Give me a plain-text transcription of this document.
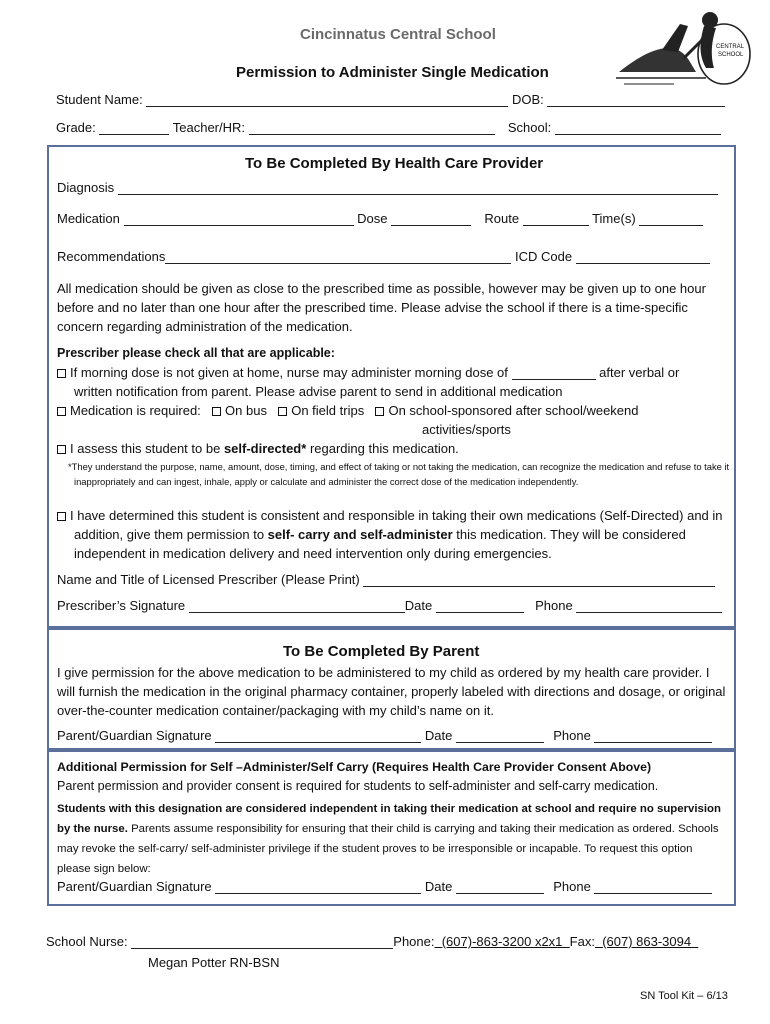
Cincinnatus Central School
Permission to Administer Single Medication
CENTRAL
SCHOOL
Student Name:	DOB:
Grade:	Teacher/HR:	School:
To Be Completed By Health Care Provider
Diagnosis
Medication	Dose	Route	Time(s)
Recommendations	ICD Code
All medication should be given as close to the prescribed time as possible, however may be given up to one hour before and no later than one hour after the prescribed time. Please advise the school if there is a time-specific concern regarding administration of the medication.
Prescriber please check all that are applicable:
If morning dose is not given at home, nurse may administer morning dose of	after verbal or
written notification from parent. Please advise parent to send in additional medication
Medication is required: On bus On field trips On school-sponsored after school/weekend
activities/sports
I assess this student to be self-directed* regarding this medication.
*They understand the purpose, name, amount, dose, timing, and effect of taking or not taking the medication, can recognize the medication and refuse to take it inappropriately and can ingest, inhale, apply or calculate and administer the correct dose of the medication independently.
I have determined this student is consistent and responsible in taking their own medications (Self-Directed) and in addition, give them permission to self- carry and self-administer this medication. They will be considered independent in medication delivery and need intervention only during emergencies.
Name and Title of Licensed Prescriber (Please Print)
Prescriber’s Signature	Date	Phone
To Be Completed By Parent
I give permission for the above medication to be administered to my child as ordered by my health care provider. I will furnish the medication in the original pharmacy container, properly labeled with directions and dosage, or original over-the-counter medication container/packaging with my child’s name on it.
Parent/Guardian Signature	Date	Phone
Additional Permission for Self –Administer/Self Carry (Requires Health Care Provider Consent Above)
Parent permission and provider consent is required for students to self-administer and self-carry medication.
Students with this designation are considered independent in taking their medication at school and require no supervision by the nurse. Parents assume responsibility for ensuring that their child is carrying and taking their medication as ordered. Schools may revoke the self-carry/ self-administer privilege if the student proves to be irresponsible or incapable. To request this option please sign below:
Parent/Guardian Signature	Date	Phone
School Nurse:	Phone: (607)-863-3200 x2x1 Fax: (607) 863-3094
Megan Potter RN-BSN
SN Tool Kit – 6/13
